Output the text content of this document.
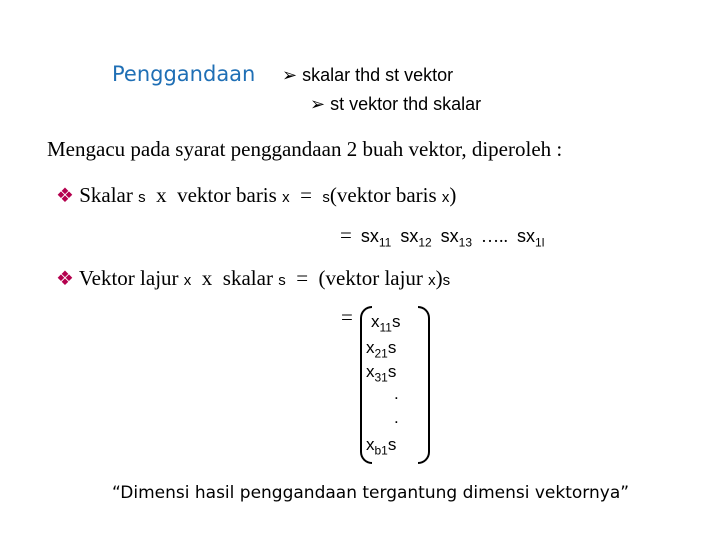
Penggandaan ➢ skalar thd st vektor
➢ st vektor thd skalar
Mengacu pada syarat penggandaan 2 buah vektor, diperoleh :
❖ Skalar s x vektor baris x = s(vektor baris x)
= $sx_{11}$ $sx_{12}$ $sx_{13}$ ….. $sx_{1l}$
❖ Vektor lajur x x skalar s = (vektor lajur x)s
= $x_{11}s$
$x_{21}s$
$x_{31}s$
.
.
$x_{b1}s$
“Dimensi hasil penggandaan tergantung dimensi vektornya”
